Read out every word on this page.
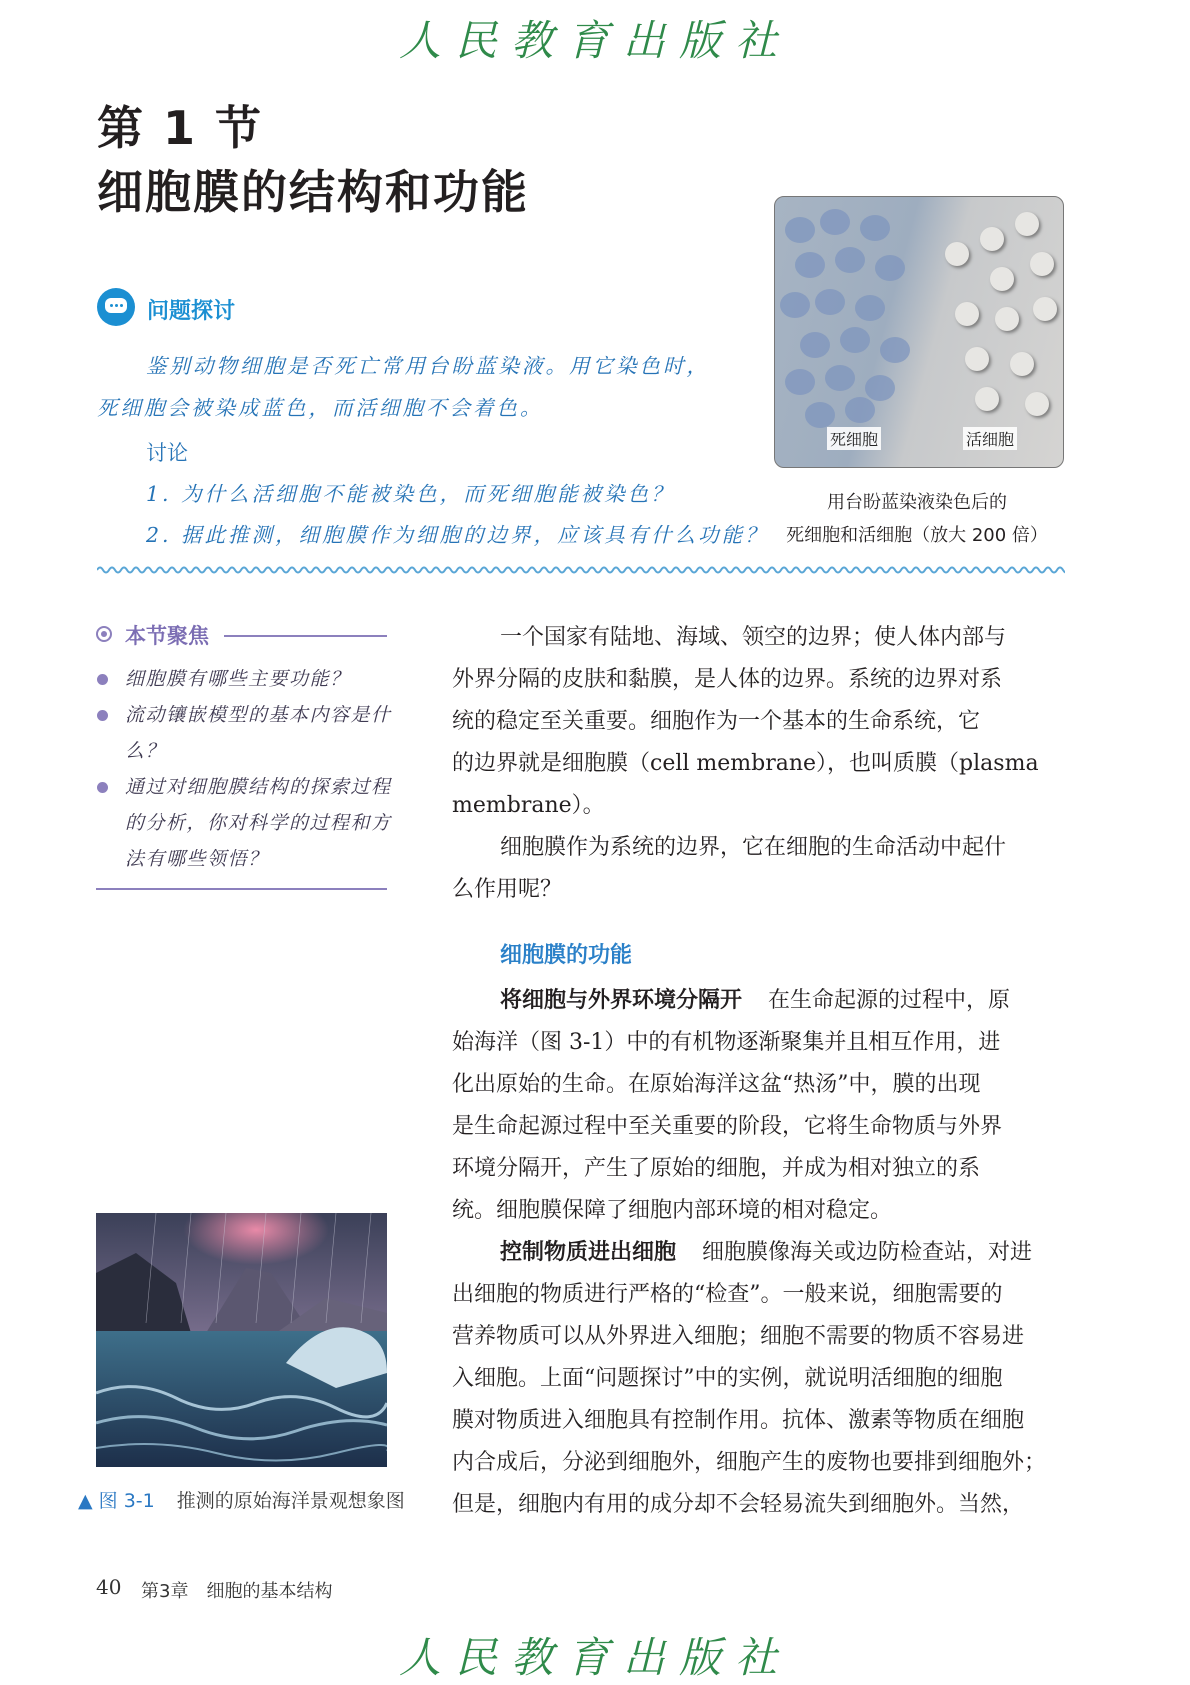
人民教育出版社
第 1 节
细胞膜的结构和功能
问题探讨
鉴别动物细胞是否死亡常用台盼蓝染液。用它染色时，
死细胞会被染成蓝色，而活细胞不会着色。
讨论
1. 为什么活细胞不能被染色，而死细胞能被染色？
2. 据此推测，细胞膜作为细胞的边界，应该具有什么功能？
死细胞	活细胞
用台盼蓝染液染色后的
死细胞和活细胞（放大 200 倍）
本节聚焦
细胞膜有哪些主要功能？
流动镶嵌模型的基本内容是什
么？
通过对细胞膜结构的探索过程
的分析，你对科学的过程和方
法有哪些领悟？
▲ 图 3-1 推测的原始海洋景观想象图
一个国家有陆地、海域、领空的边界；使人体内部与
外界分隔的皮肤和黏膜，是人体的边界。系统的边界对系
统的稳定至关重要。细胞作为一个基本的生命系统，它
的边界就是细胞膜（cell membrane），也叫质膜（plasma
membrane）。
细胞膜作为系统的边界，它在细胞的生命活动中起什
么作用呢？
细胞膜的功能
将细胞与外界环境分隔开 在生命起源的过程中，原
始海洋（图 3-1）中的有机物逐渐聚集并且相互作用，进
化出原始的生命。在原始海洋这盆“热汤”中，膜的出现
是生命起源过程中至关重要的阶段，它将生命物质与外界
环境分隔开，产生了原始的细胞，并成为相对独立的系
统。细胞膜保障了细胞内部环境的相对稳定。
控制物质进出细胞 细胞膜像海关或边防检查站，对进
出细胞的物质进行严格的“检查”。一般来说，细胞需要的
营养物质可以从外界进入细胞；细胞不需要的物质不容易进
入细胞。上面“问题探讨”中的实例，就说明活细胞的细胞
膜对物质进入细胞具有控制作用。抗体、激素等物质在细胞
内合成后，分泌到细胞外，细胞产生的废物也要排到细胞外；
但是，细胞内有用的成分却不会轻易流失到细胞外。当然，
40 第3章　细胞的基本结构
人民教育出版社
